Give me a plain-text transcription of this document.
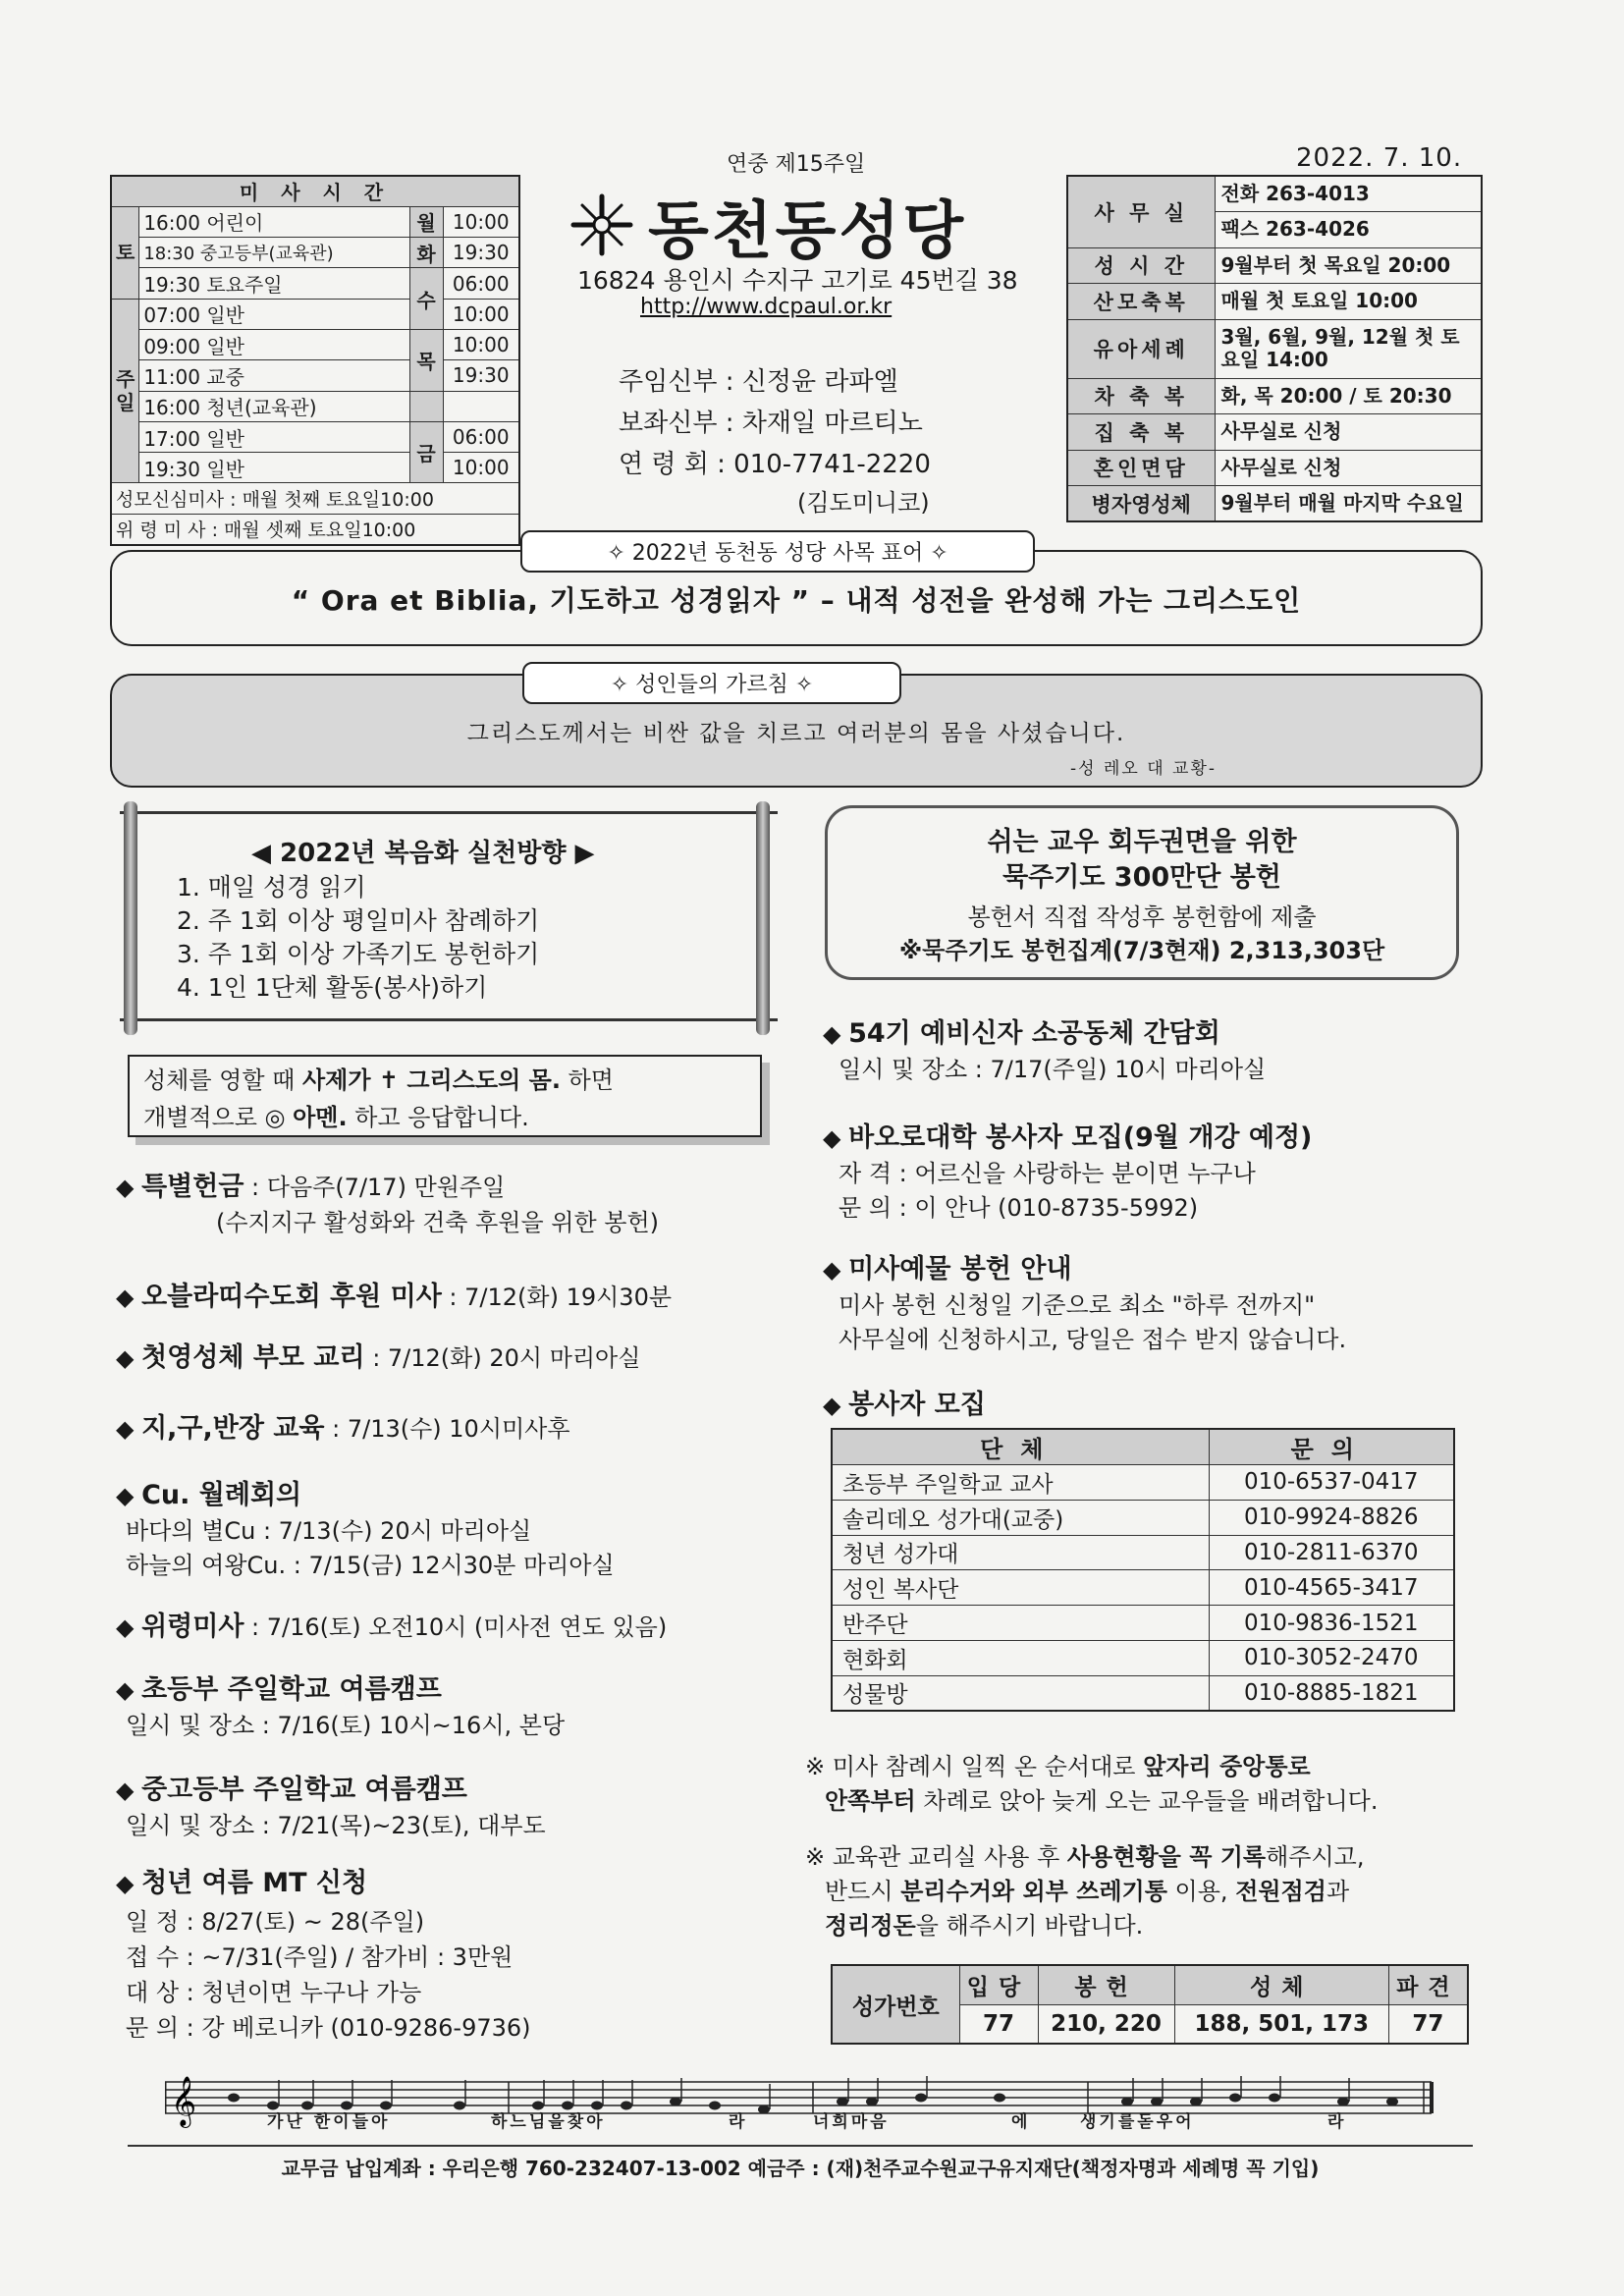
연중 제15주일	2022. 7. 10.
미 사 시 간			
토	16:00 어린이	월	10:00
	18:30 중고등부(교육관)	화	19:30
	19:30 토요주일	수	06:00
주일	07:00 일반		10:00
	09:00 일반	목	10:00
	11:00 교중		19:30
	16:00 청년(교육관)		
	17:00 일반	금	06:00
	19:30 일반		10:00
성모신심미사 : 매월 첫째 토요일10:00			
위 령 미 사 : 매월 셋째 토요일10:00			
동천동성당
16824 용인시 수지구 고기로 45번길 38
http://www.dcpaul.or.kr
주임신부 : 신정윤 라파엘
보좌신부 : 차재일 마르티노
연 령 회 : 010-7741-2220
(김도미니코)
사 무 실	전화 263-4013
	팩스 263-4026
성 시 간	9월부터 첫 목요일 20:00
산모축복	매월 첫 토요일 10:00
유아세례	3월, 6월, 9월, 12월 첫 토요일 14:00
차 축 복	화, 목 20:00 / 토 20:30
집 축 복	사무실로 신청
혼인면담	사무실로 신청
병자영성체	9월부터 매월 마지막 수요일
✧ 2022년 동천동 성당 사목 표어 ✧
“ Ora et Biblia, 기도하고 성경읽자 ” – 내적 성전을 완성해 가는 그리스도인
✧ 성인들의 가르침 ✧
그리스도께서는 비싼 값을 치르고 여러분의 몸을 사셨습니다.
-성 레오 대 교황-
◀ 2022년 복음화 실천방향 ▶
1. 매일 성경 읽기
2. 주 1회 이상 평일미사 참례하기
3. 주 1회 이상 가족기도 봉헌하기
4. 1인 1단체 활동(봉사)하기
쉬는 교우 회두권면을 위한
묵주기도 300만단 봉헌
봉헌서 직접 작성후 봉헌함에 제출
※묵주기도 봉헌집계(7/3현재) 2,313,303단
성체를 영할 때 사제가 ✝ 그리스도의 몸. 하면
개별적으로 ◎ 아멘. 하고 응답합니다.
◆ 특별헌금 : 다음주(7/17) 만원주일
(수지지구 활성화와 건축 후원을 위한 봉헌)
◆ 오블라띠수도회 후원 미사 : 7/12(화) 19시30분
◆ 첫영성체 부모 교리 : 7/12(화) 20시 마리아실
◆ 지,구,반장 교육 : 7/13(수) 10시미사후
◆ Cu. 월례회의
바다의 별Cu : 7/13(수) 20시 마리아실
하늘의 여왕Cu. : 7/15(금) 12시30분 마리아실
◆ 위령미사 : 7/16(토) 오전10시 (미사전 연도 있음)
◆ 초등부 주일학교 여름캠프
일시 및 장소 : 7/16(토) 10시~16시, 본당
◆ 중고등부 주일학교 여름캠프
일시 및 장소 : 7/21(목)~23(토), 대부도
◆ 청년 여름 MT 신청
일 정 : 8/27(토) ~ 28(주일)
접 수 : ~7/31(주일) / 참가비 : 3만원
대 상 : 청년이면 누구나 가능
문 의 : 강 베로니카 (010-9286-9736)
◆ 54기 예비신자 소공동체 간담회
일시 및 장소 : 7/17(주일) 10시 마리아실
◆ 바오로대학 봉사자 모집(9월 개강 예정)
자 격 : 어르신을 사랑하는 분이면 누구나
문 의 : 이 안나 (010-8735-5992)
◆ 미사예물 봉헌 안내
미사 봉헌 신청일 기준으로 최소 "하루 전까지"
사무실에 신청하시고, 당일은 접수 받지 않습니다.
◆ 봉사자 모집
단체	문의
초등부 주일학교 교사	010-6537-0417
솔리데오 성가대(교중)	010-9924-8826
청년 성가대	010-2811-6370
성인 복사단	010-4565-3417
반주단	010-9836-1521
현화회	010-3052-2470
성물방	010-8885-1821
※ 미사 참례시 일찍 온 순서대로 앞자리 중앙통로
안쪽부터 차례로 앉아 늦게 오는 교우들을 배려합니다.
※ 교육관 교리실 사용 후 사용현황을 꼭 기록해주시고,
반드시 분리수거와 외부 쓰레기통 이용, 전원점검과
정리정돈을 해주시기 바랍니다.
성가번호	입당	봉헌	성체	파견
	77	210, 220	188, 501, 173	77
𝄞	가난 한이들아	하느님을찾아	라	너희마음	에	생기를돋우어	라
교무금 납입계좌 : 우리은행 760-232407-13-002 예금주 : (재)천주교수원교구유지재단(책정자명과 세례명 꼭 기입)
